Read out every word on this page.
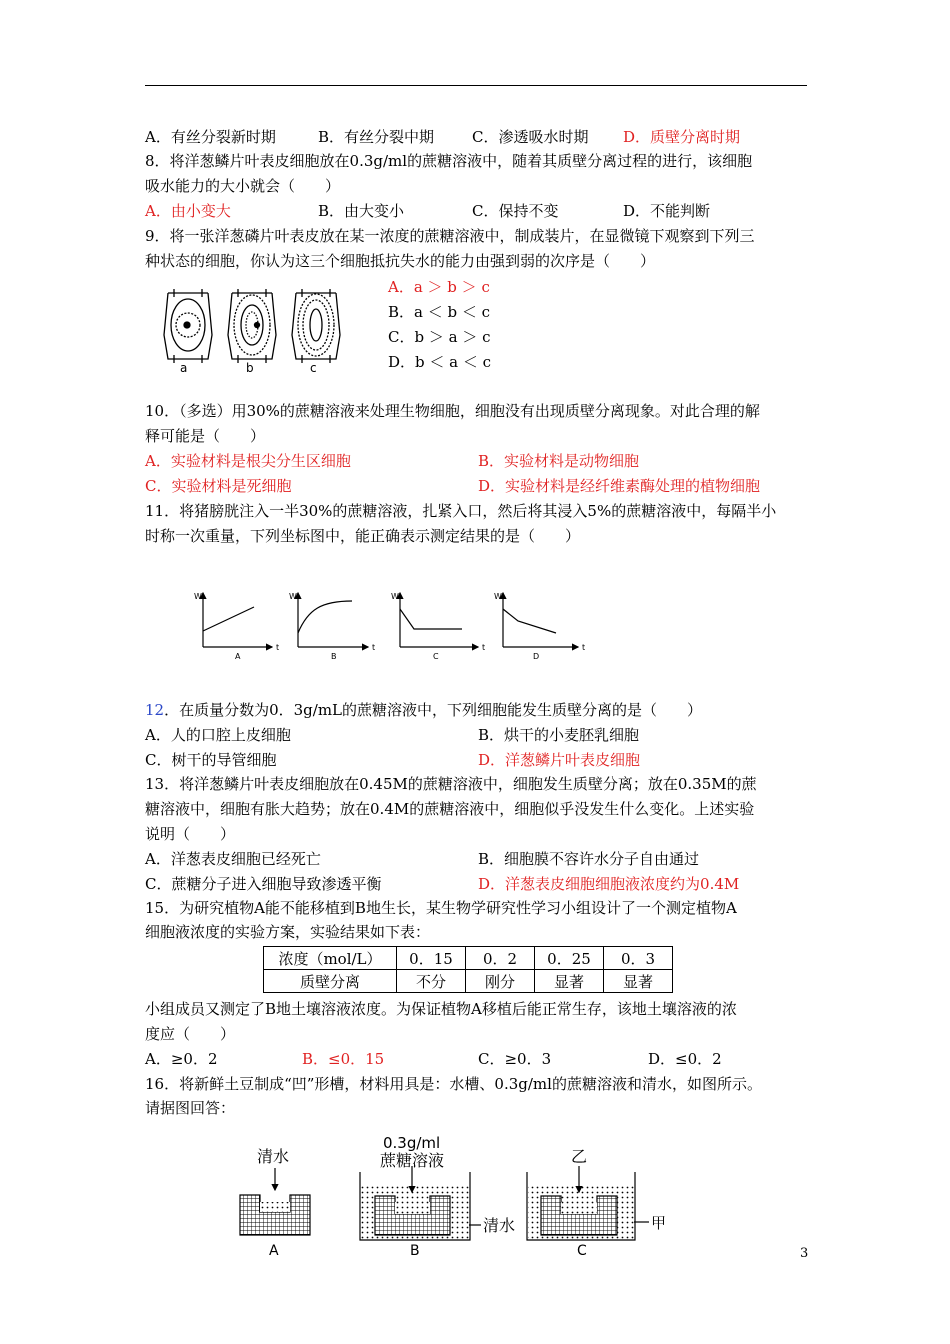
A．有丝分裂新时期	B．有丝分裂中期	C．渗透吸水时期 D．质壁分离时期
8．将洋葱鳞片叶表皮细胞放在0.3g/ml的蔗糖溶液中，随着其质壁分离过程的进行，该细胞
吸水能力的大小就会（　　）
A．由小变大	B．由大变小	C．保持不变	D．不能判断
9．将一张洋葱磷片叶表皮放在某一浓度的蔗糖溶液中，制成装片，在显微镜下观察到下列三
种状态的细胞，你认为这三个细胞抵抗失水的能力由强到弱的次序是（　　）
a	b	c
A．a ＞ b ＞ c
B．a ＜ b ＜ c
C．b ＞ a ＞ c
D．b ＜ a ＜ c
10．（多选）用30%的蔗糖溶液来处理生物细胞，细胞没有出现质壁分离现象。对此合理的解
释可能是（　　）
A．实验材料是根尖分生区细胞	B．实验材料是动物细胞
C．实验材料是死细胞	D．实验材料是经纤维素酶处理的植物细胞
11．将猪膀胱注入一半30%的蔗糖溶液，扎紧入口，然后将其浸入5%的蔗糖溶液中，每隔半小
时称一次重量，下列坐标图中，能正确表示测定结果的是（　　）
W
t
W
t
W
t
W
t
A	B	C	D
12．在质量分数为0．3g/mL的蔗糖溶液中，下列细胞能发生质壁分离的是（　　）
A．人的口腔上皮细胞	B．烘干的小麦胚乳细胞
C．树干的导管细胞	D．洋葱鳞片叶表皮细胞
13．将洋葱鳞片叶表皮细胞放在0.45M的蔗糖溶液中，细胞发生质壁分离；放在0.35M的蔗
糖溶液中，细胞有胀大趋势；放在0.4M的蔗糖溶液中，细胞似乎没发生什么变化。上述实验
说明（　　）
A．洋葱表皮细胞已经死亡	B．细胞膜不容许水分子自由通过
C．蔗糖分子进入细胞导致渗透平衡	D．洋葱表皮细胞细胞液浓度约为0.4M
15．为研究植物A能不能移植到B地生长，某生物学研究性学习小组设计了一个测定植物A
细胞液浓度的实验方案，实验结果如下表：
浓度（mol/L）	0．15	0．2	0．25	0．3
质壁分离	不分	刚分	显著	显著
小组成员又测定了B地土壤溶液浓度。为保证植物A移植后能正常生存，该地土壤溶液的浓
度应（　　）
A．≥0．2	B．≤0．15	C．≥0．3	D．≤0．2
16．将新鲜土豆制成“凹”形槽，材料用具是：水槽、0.3g/ml的蔗糖溶液和清水，如图所示。
请据图回答：
清水
A
0.3g/ml
蔗糖溶液
清水
B
乙
甲
C	3
